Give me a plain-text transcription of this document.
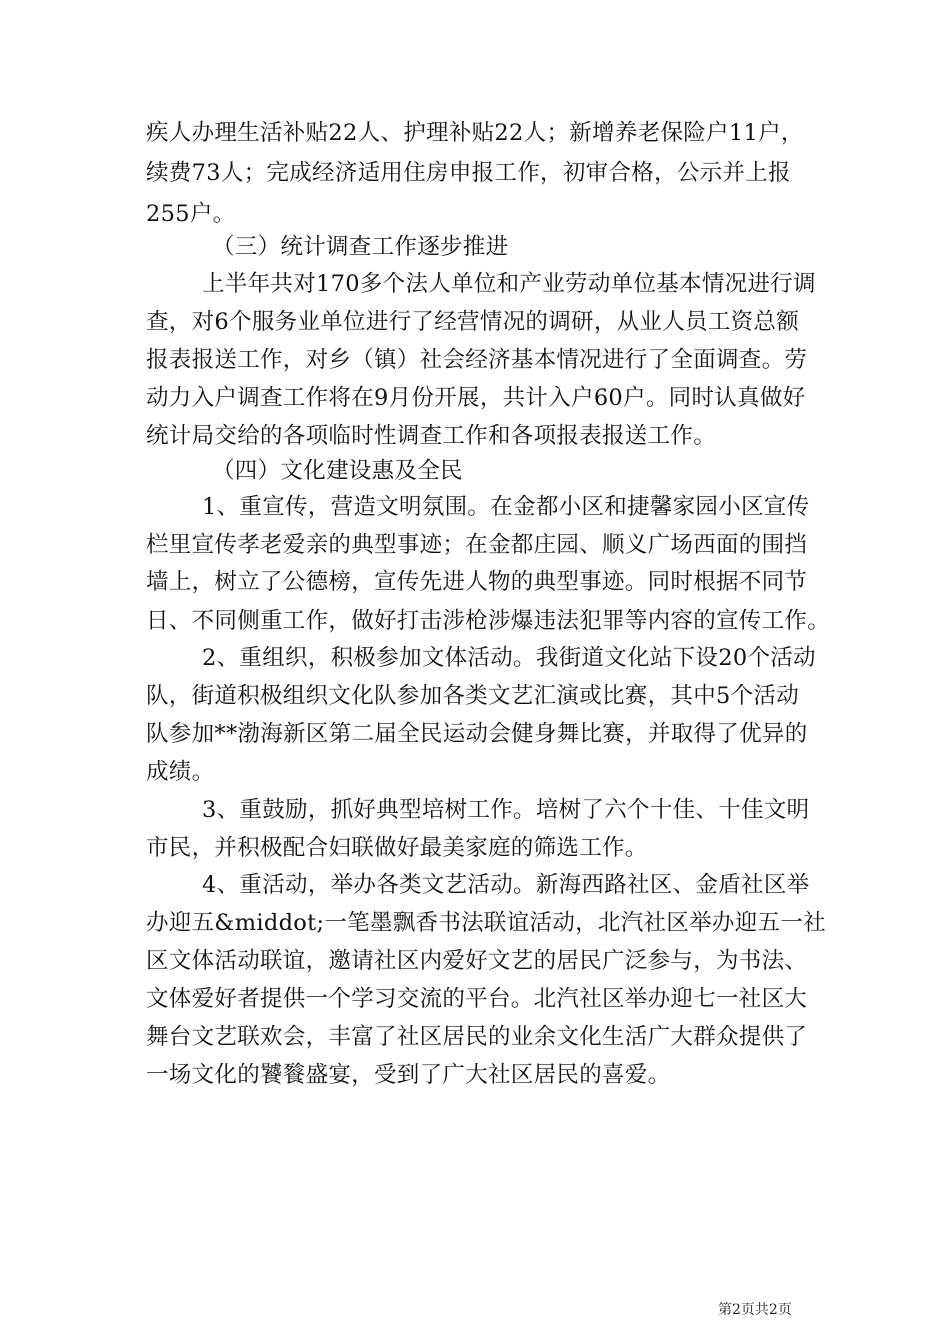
疾人办理生活补贴22人、护理补贴22人；新增养老保险户11户，
续费73人；完成经济适用住房申报工作，初审合格，公示并上报
255户。
（三）统计调查工作逐步推进
上半年共对170多个法人单位和产业劳动单位基本情况进行调
查，对6个服务业单位进行了经营情况的调研，从业人员工资总额
报表报送工作，对乡（镇）社会经济基本情况进行了全面调查。劳
动力入户调查工作将在9月份开展，共计入户60户。同时认真做好
统计局交给的各项临时性调查工作和各项报表报送工作。
（四）文化建设惠及全民
1、重宣传，营造文明氛围。在金都小区和捷馨家园小区宣传
栏里宣传孝老爱亲的典型事迹；在金都庄园、顺义广场西面的围挡
墙上，树立了公德榜，宣传先进人物的典型事迹。同时根据不同节
日、不同侧重工作，做好打击涉枪涉爆违法犯罪等内容的宣传工作。
2、重组织，积极参加文体活动。我街道文化站下设20个活动
队，街道积极组织文化队参加各类文艺汇演或比赛，其中5个活动
队参加**渤海新区第二届全民运动会健身舞比赛，并取得了优异的
成绩。
3、重鼓励，抓好典型培树工作。培树了六个十佳、十佳文明
市民，并积极配合妇联做好最美家庭的筛选工作。
4、重活动，举办各类文艺活动。新海西路社区、金盾社区举
办迎五&middot;一笔墨飘香书法联谊活动，北汽社区举办迎五一社
区文体活动联谊，邀请社区内爱好文艺的居民广泛参与，为书法、
文体爱好者提供一个学习交流的平台。北汽社区举办迎七一社区大
舞台文艺联欢会，丰富了社区居民的业余文化生活广大群众提供了
一场文化的饕餮盛宴，受到了广大社区居民的喜爱。
第2页共2页
